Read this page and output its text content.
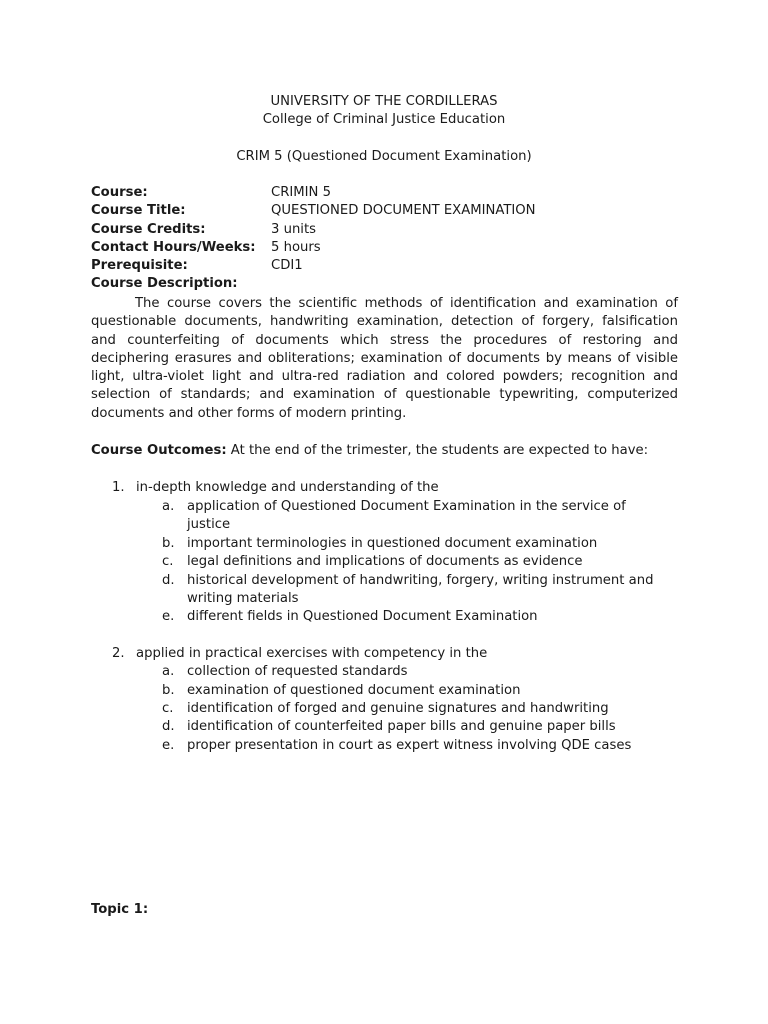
UNIVERSITY OF THE CORDILLERAS
College of Criminal Justice Education
CRIM 5 (Questioned Document Examination)
Course:	CRIMIN 5
Course Title:	QUESTIONED DOCUMENT EXAMINATION
Course Credits:	3 units
Contact Hours/Weeks:	5 hours
Prerequisite:	CDI1
Course Description:
The course covers the scientific methods of identification and examination of questionable documents, handwriting examination, detection of forgery, falsification and counterfeiting of documents which stress the procedures of restoring and deciphering erasures and obliterations; examination of documents by means of visible light, ultra-violet light and ultra-red radiation and colored powders; recognition and selection of standards; and examination of questionable typewriting, computerized documents and other forms of modern printing.
Course Outcomes: At the end of the trimester, the students are expected to have:
1. in-depth knowledge and understanding of the
a. application of Questioned Document Examination in the service of justice
b. important terminologies in questioned document examination
c. legal definitions and implications of documents as evidence
d. historical development of handwriting, forgery, writing instrument and writing materials
e. different fields in Questioned Document Examination
2. applied in practical exercises with competency in the
a. collection of requested standards
b. examination of questioned document examination
c. identification of forged and genuine signatures and handwriting
d. identification of counterfeited paper bills and genuine paper bills
e. proper presentation in court as expert witness involving QDE cases
Topic 1:
